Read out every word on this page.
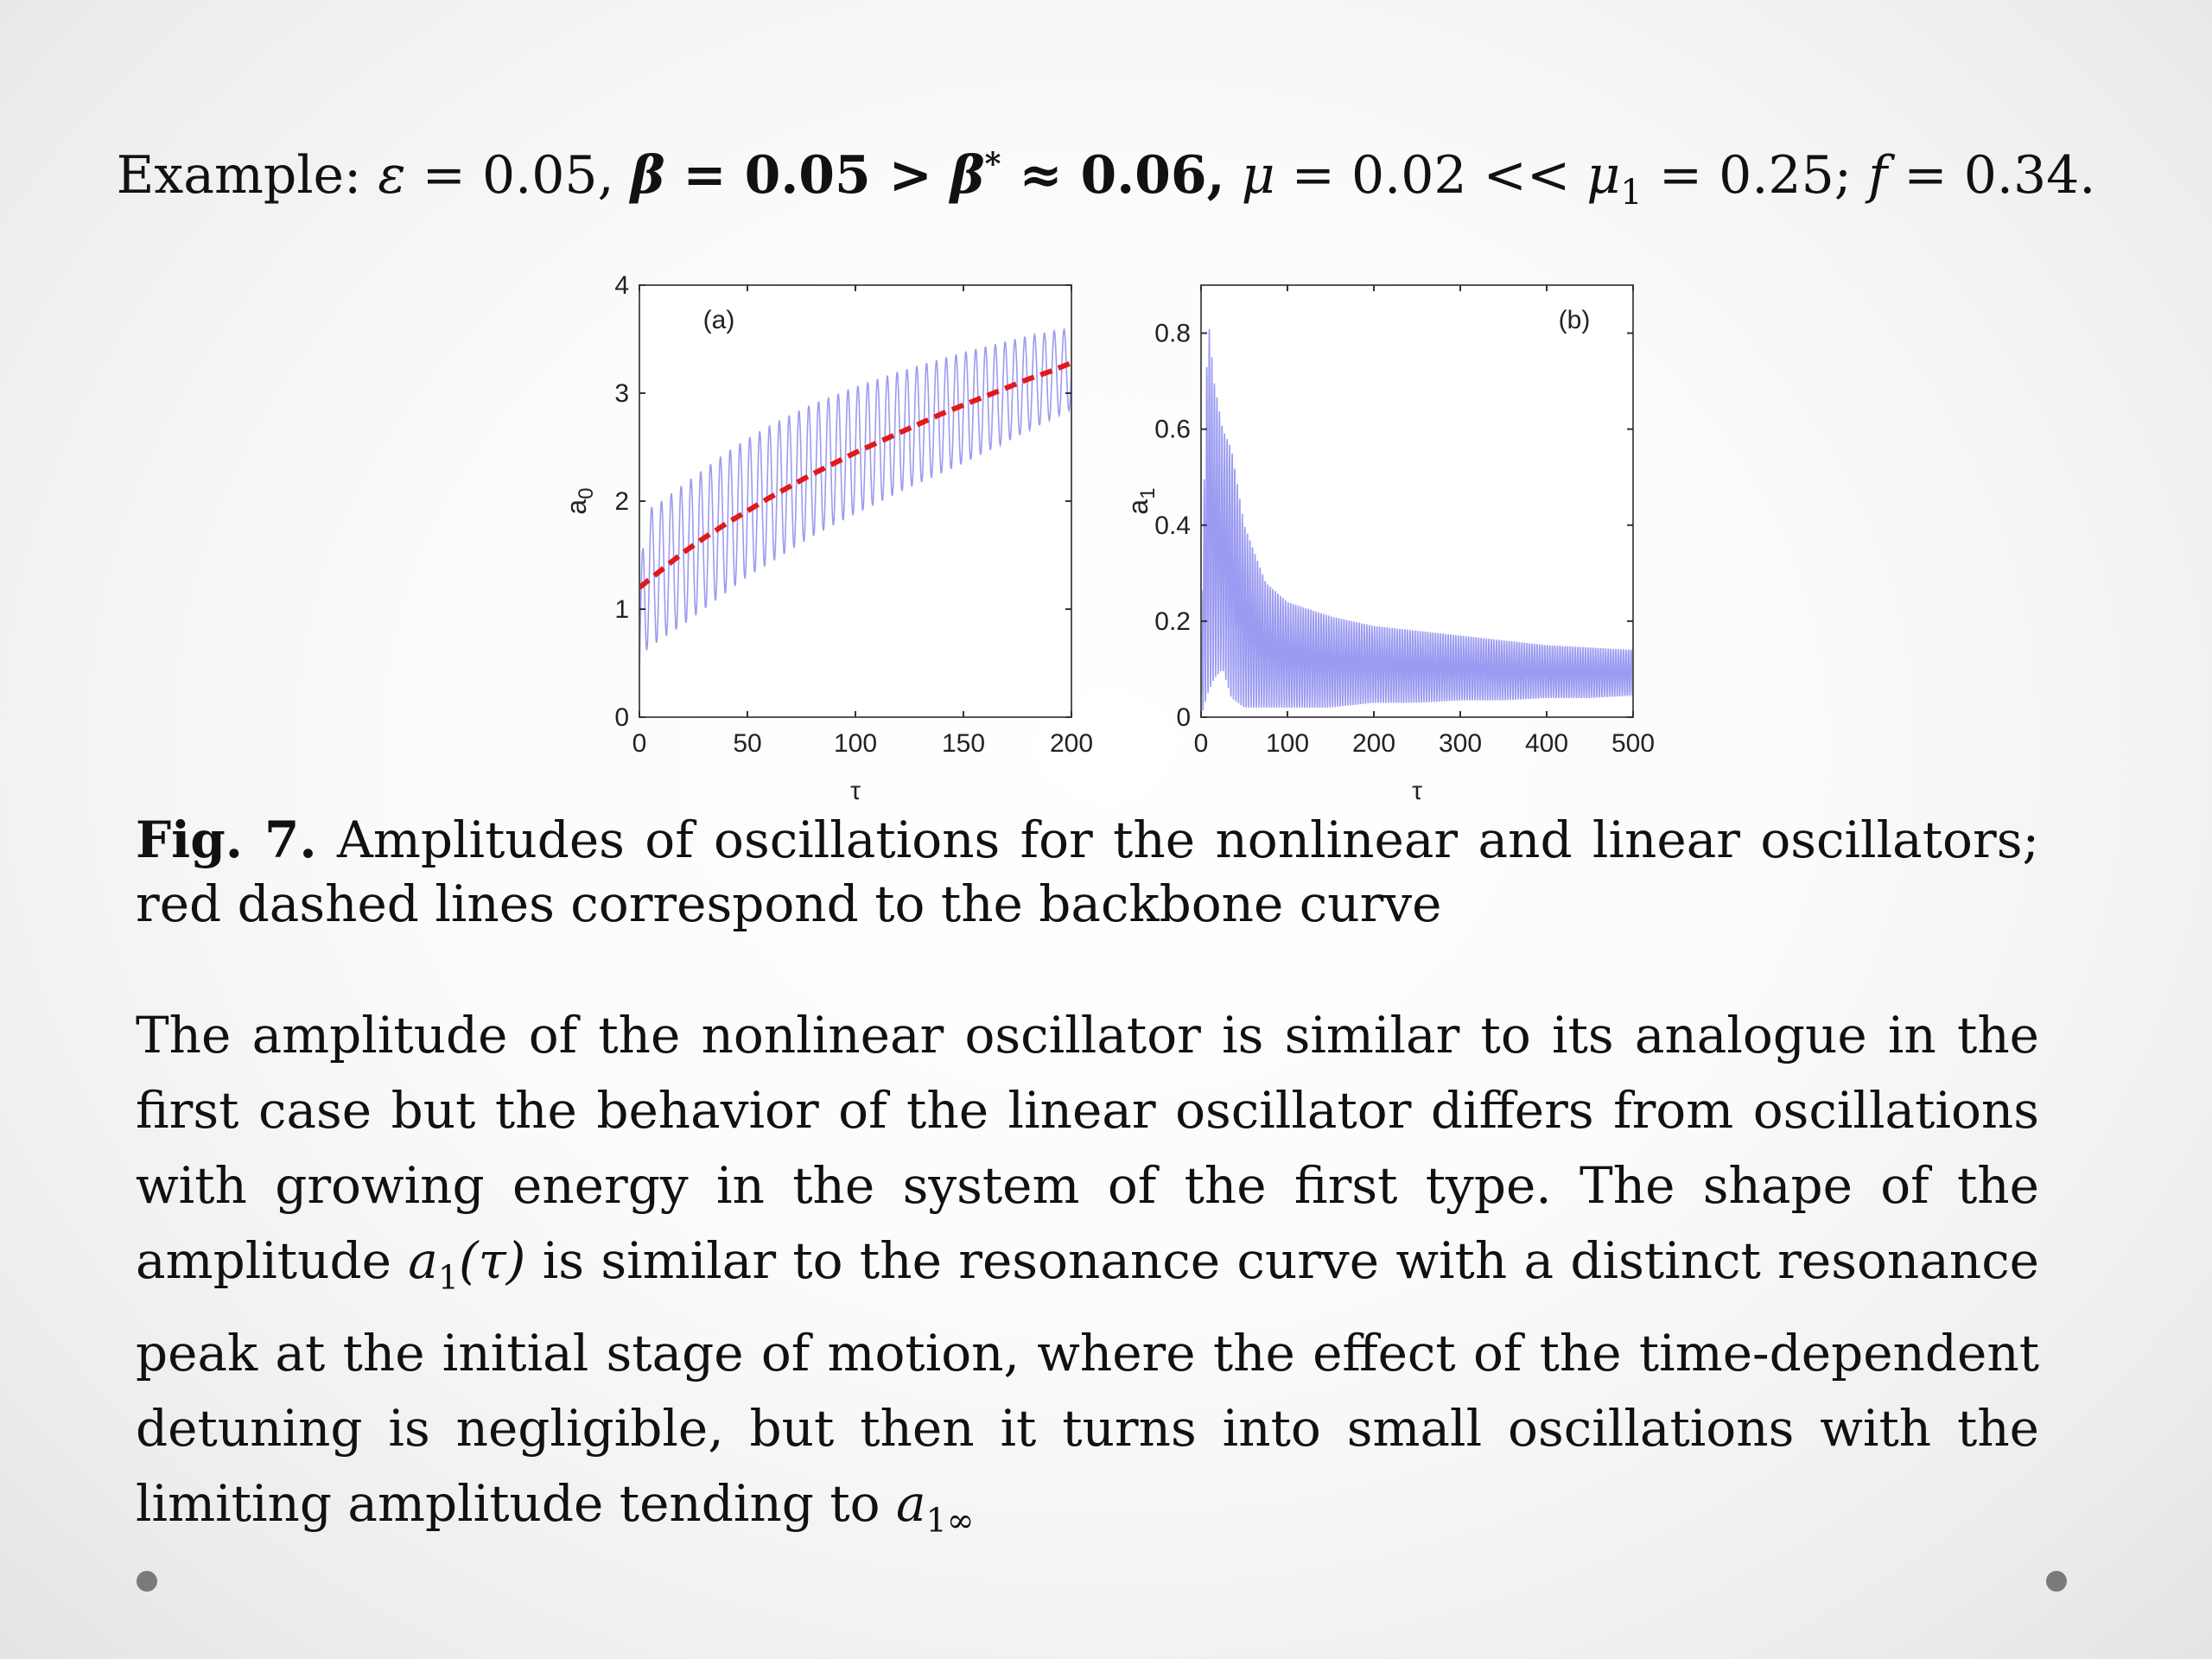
Example: ε = 0.05, β = 0.05 > β* ≈ 0.06, $\mu = 0.02 << \mu_1 = 0.25$; f = 0.34.
0	50	100 150 200
0
1
2
3
4
(a)
τ
$a_0$
0 100 200 300 400 500
0
0.2
0.4
0.6
0.8	(b)
τ
$a_1$
Fig. 7. Amplitudes of oscillations for the nonlinear and linear oscillators; red dashed lines correspond to the backbone curve
The amplitude of the nonlinear oscillator is similar to its analogue in the first case but the behavior of the linear oscillator differs from oscillations with growing energy in the system of the first type. The shape of the amplitude $a_1(\tau)$ is similar to the resonance curve with a distinct resonance peak at the initial stage of motion, where the effect of the time-dependent detuning is negligible, but then it turns into small oscillations with the limiting amplitude tending to $a_{1\infty}$
